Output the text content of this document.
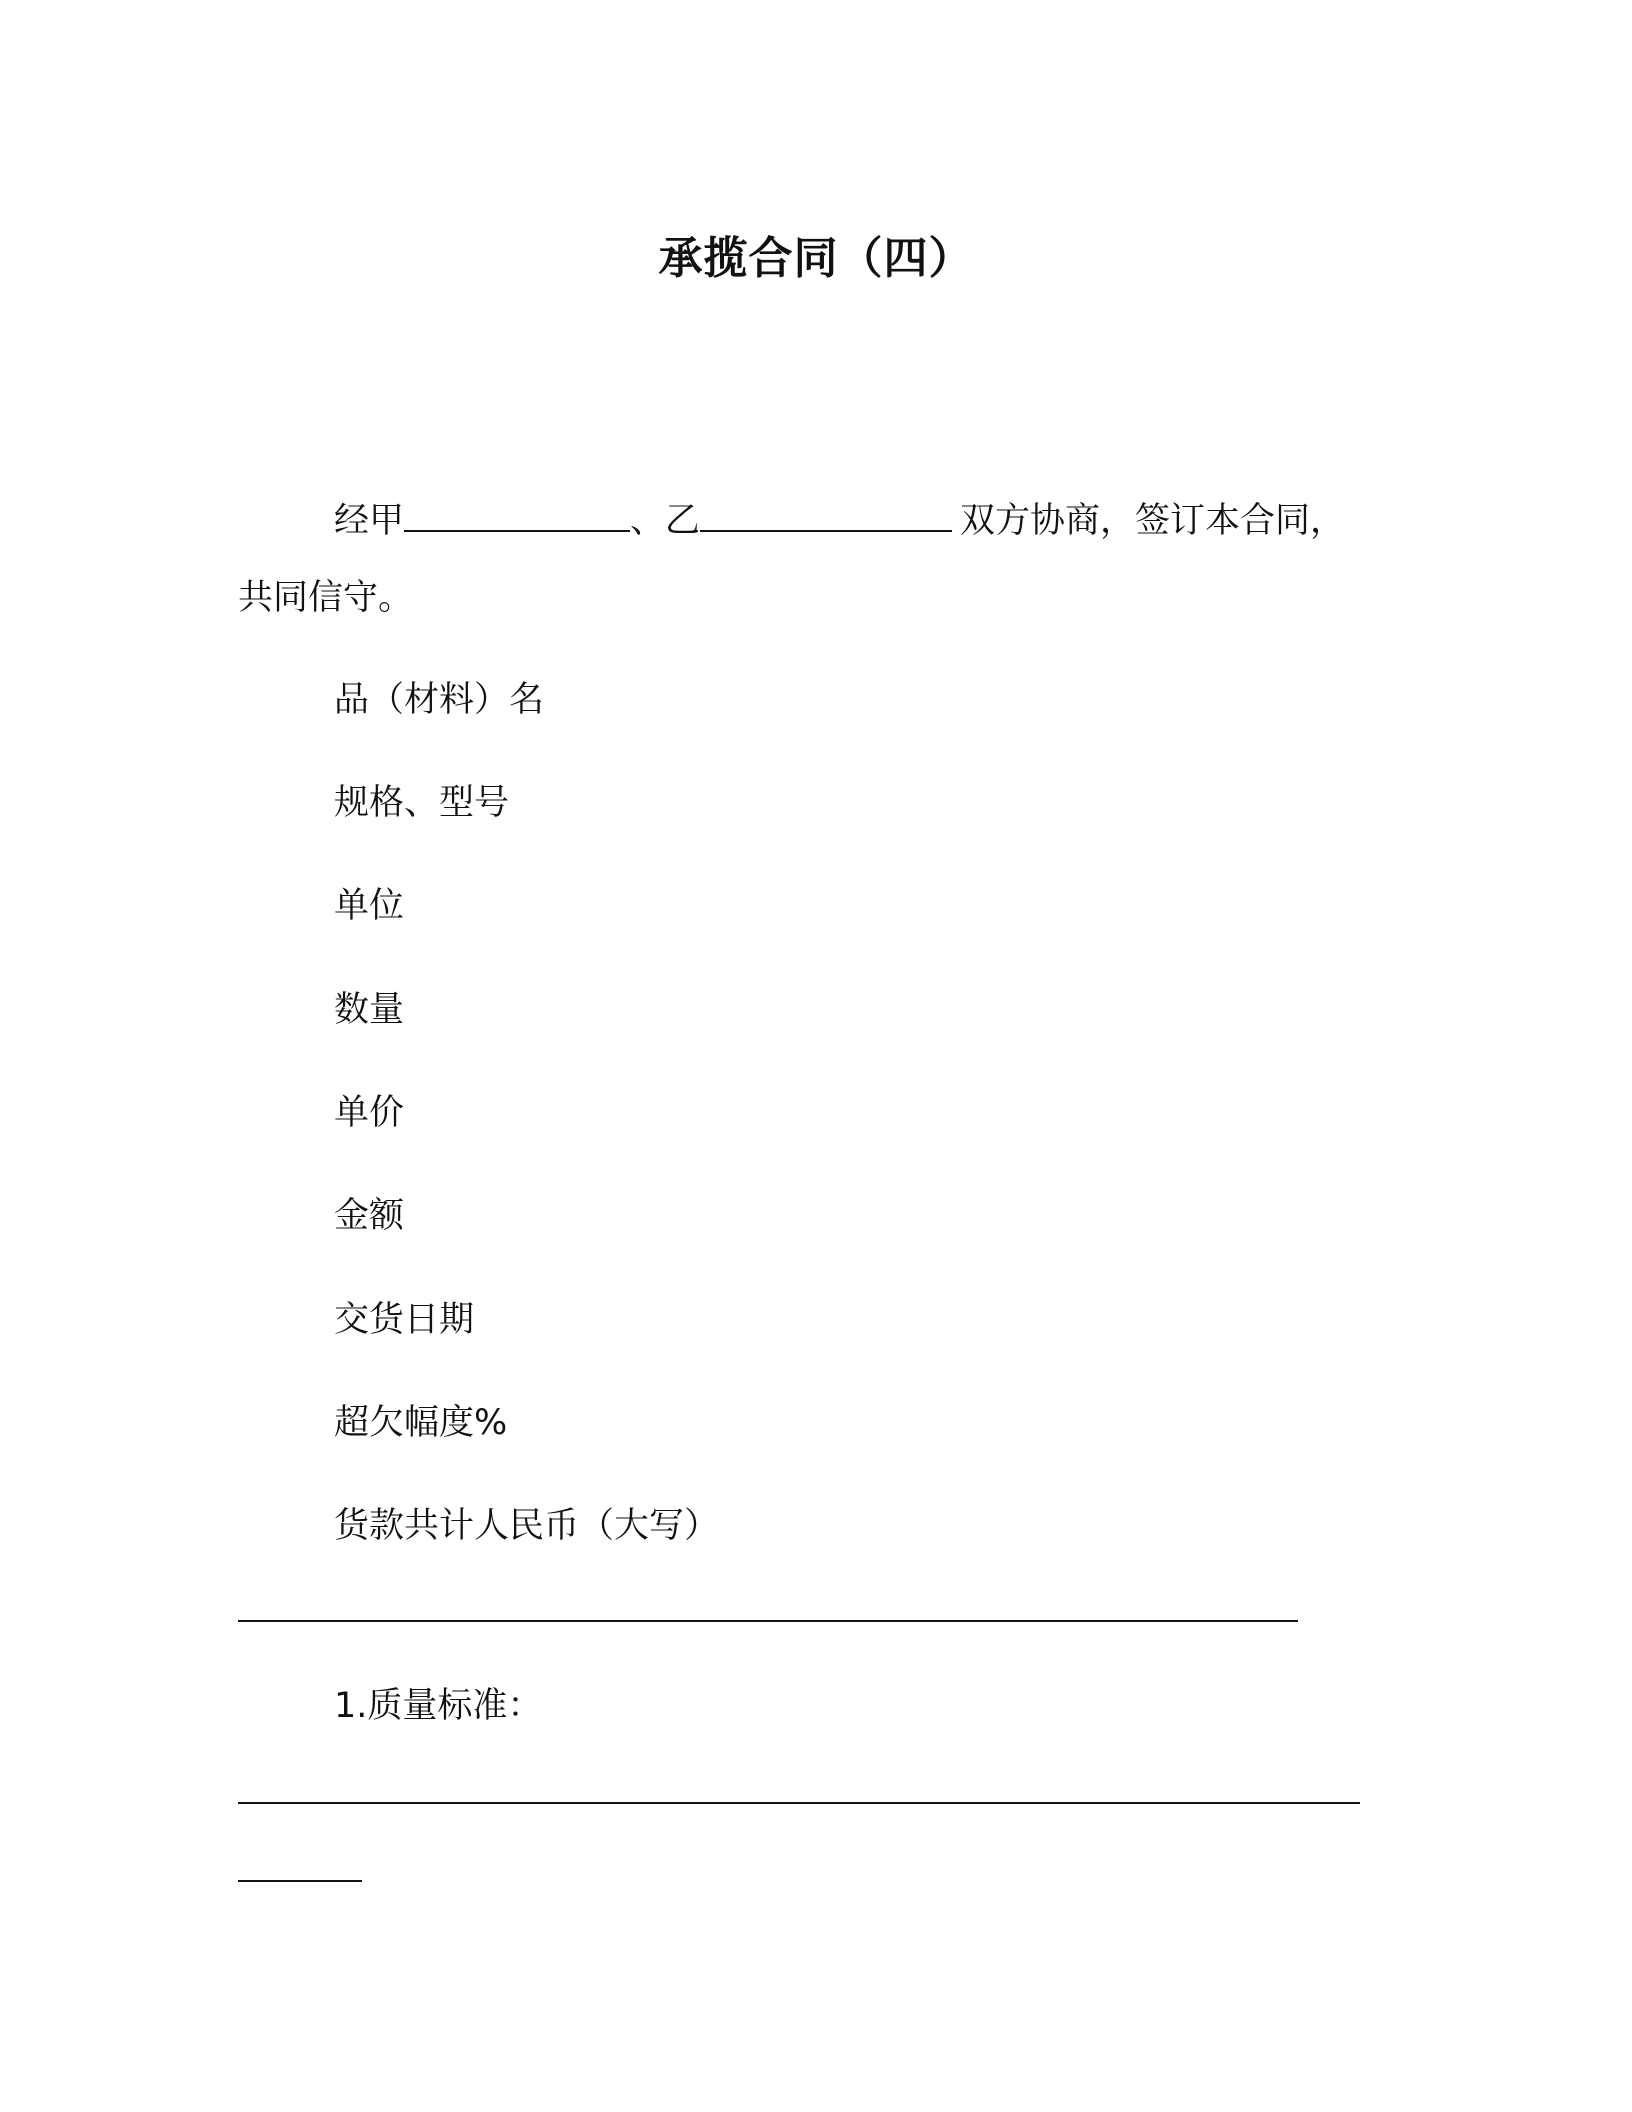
承揽合同（四）
经甲	、乙	双方协商，签订本合同，
共同信守。
品（材料）名
规格、型号
单位
数量
单价
金额
交货日期
超欠幅度%
货款共计人民币（大写）
1.质量标准：
